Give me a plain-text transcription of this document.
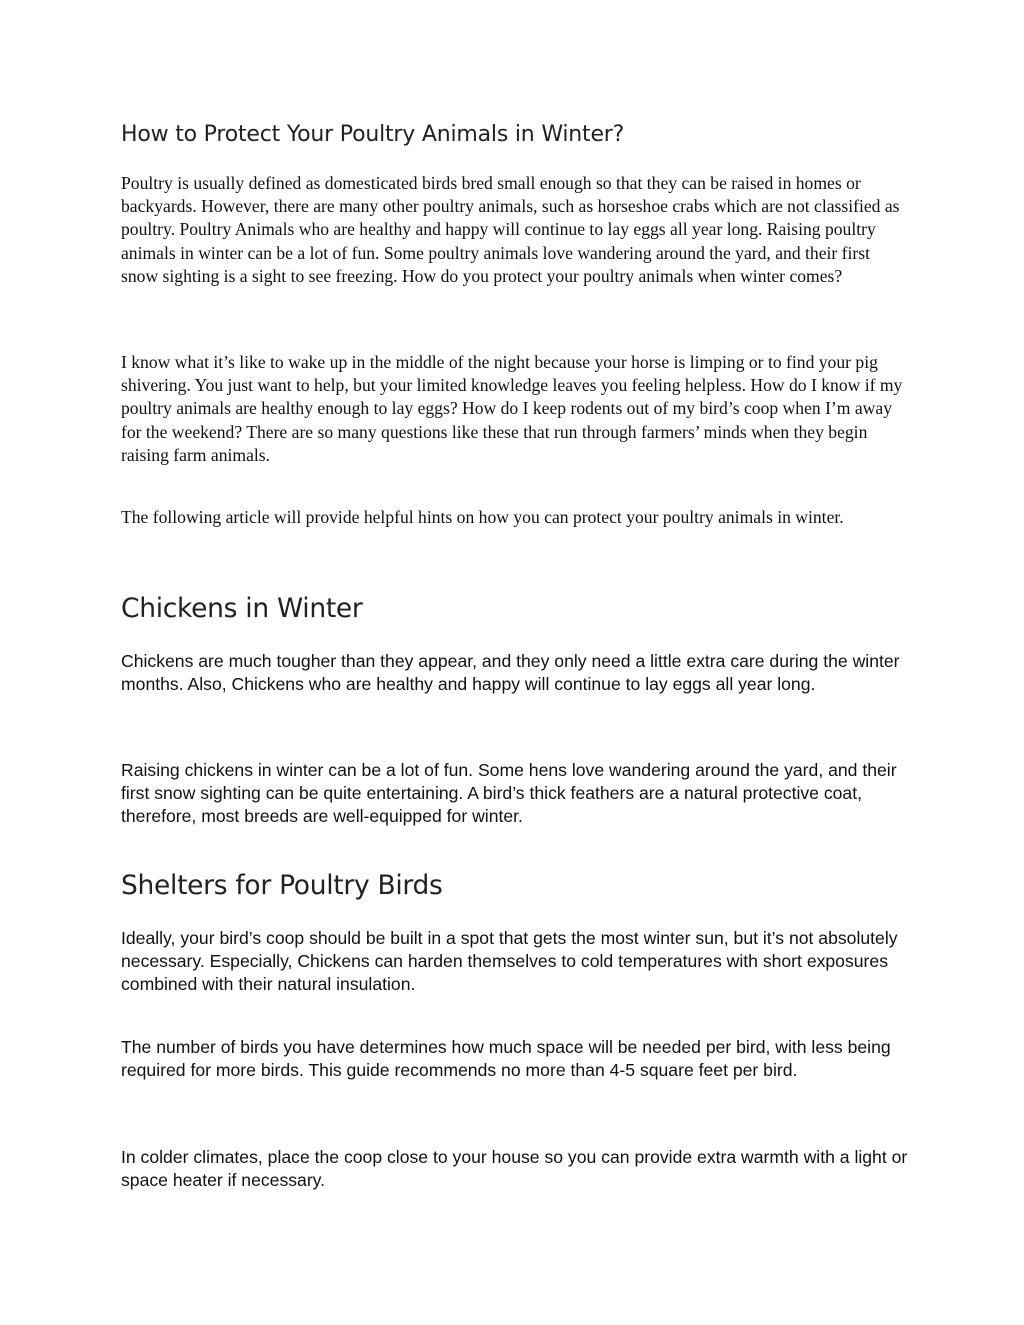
How to Protect Your Poultry Animals in Winter?

Poultry is usually defined as domesticated birds bred small enough so that they can be raised in homes or backyards. However, there are many other poultry animals, such as horseshoe crabs which are not classified as poultry. Poultry Animals who are healthy and happy will continue to lay eggs all year long. Raising poultry animals in winter can be a lot of fun. Some poultry animals love wandering around the yard, and their first snow sighting is a sight to see freezing. How do you protect your poultry animals when winter comes?

I know what it’s like to wake up in the middle of the night because your horse is limping or to find your pig shivering. You just want to help, but your limited knowledge leaves you feeling helpless. How do I know if my poultry animals are healthy enough to lay eggs? How do I keep rodents out of my bird’s coop when I’m away for the weekend? There are so many questions like these that run through farmers’ minds when they begin raising farm animals.

The following article will provide helpful hints on how you can protect your poultry animals in winter.

Chickens in Winter

Chickens are much tougher than they appear, and they only need a little extra care during the winter months. Also, Chickens who are healthy and happy will continue to lay eggs all year long.

Raising chickens in winter can be a lot of fun. Some hens love wandering around the yard, and their first snow sighting can be quite entertaining. A bird’s thick feathers are a natural protective coat, therefore, most breeds are well-equipped for winter.

Shelters for Poultry Birds

Ideally, your bird’s coop should be built in a spot that gets the most winter sun, but it’s not absolutely necessary. Especially, Chickens can harden themselves to cold temperatures with short exposures combined with their natural insulation.

The number of birds you have determines how much space will be needed per bird, with less being required for more birds. This guide recommends no more than 4-5 square feet per bird.

In colder climates, place the coop close to your house so you can provide extra warmth with a light or space heater if necessary.
